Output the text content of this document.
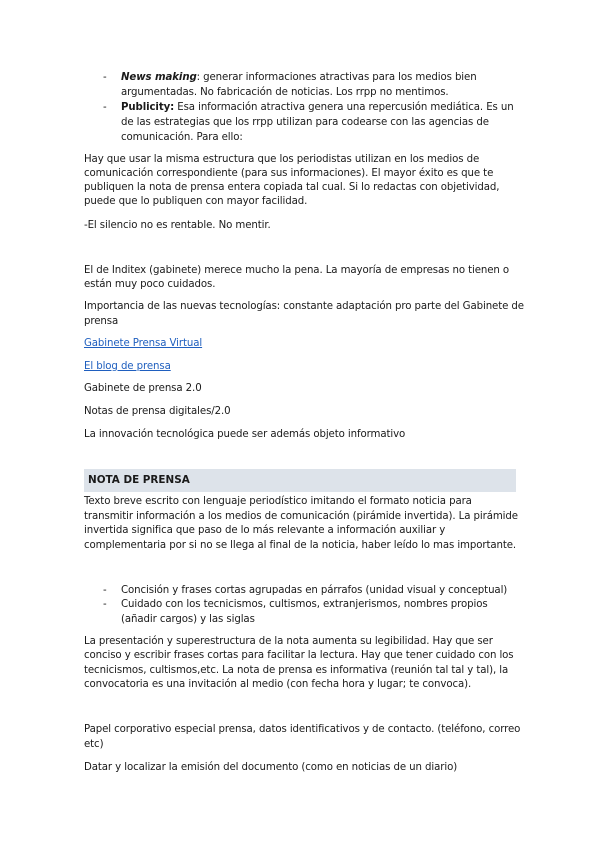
- News making: generar informaciones atractivas para los medios bien
argumentadas. No fabricación de noticias. Los rrpp no mentimos.
- Publicity: Esa información atractiva genera una repercusión mediática. Es un
de las estrategias que los rrpp utilizan para codearse con las agencias de
comunicación. Para ello:
Hay que usar la misma estructura que los periodistas utilizan en los medios de
comunicación correspondiente (para sus informaciones). El mayor éxito es que te
publiquen la nota de prensa entera copiada tal cual. Si lo redactas con objetividad,
puede que lo publiquen con mayor facilidad.
-El silencio no es rentable. No mentir.
El de Inditex (gabinete) merece mucho la pena. La mayoría de empresas no tienen o
están muy poco cuidados.
Importancia de las nuevas tecnologías: constante adaptación pro parte del Gabinete de
prensa
Gabinete Prensa Virtual
El blog de prensa
Gabinete de prensa 2.0
Notas de prensa digitales/2.0
La innovación tecnológica puede ser además objeto informativo
NOTA DE PRENSA
Texto breve escrito con lenguaje periodístico imitando el formato noticia para
transmitir información a los medios de comunicación (pirámide invertida). La pirámide
invertida significa que paso de lo más relevante a información auxiliar y
complementaria por si no se llega al final de la noticia, haber leído lo mas importante.
- Concisión y frases cortas agrupadas en párrafos (unidad visual y conceptual)
- Cuidado con los tecnicismos, cultismos, extranjerismos, nombres propios
(añadir cargos) y las siglas
La presentación y superestructura de la nota aumenta su legibilidad. Hay que ser
conciso y escribir frases cortas para facilitar la lectura. Hay que tener cuidado con los
tecnicismos, cultismos,etc. La nota de prensa es informativa (reunión tal tal y tal), la
convocatoria es una invitación al medio (con fecha hora y lugar; te convoca).
Papel corporativo especial prensa, datos identificativos y de contacto. (teléfono, correo
etc)
Datar y localizar la emisión del documento (como en noticias de un diario)
